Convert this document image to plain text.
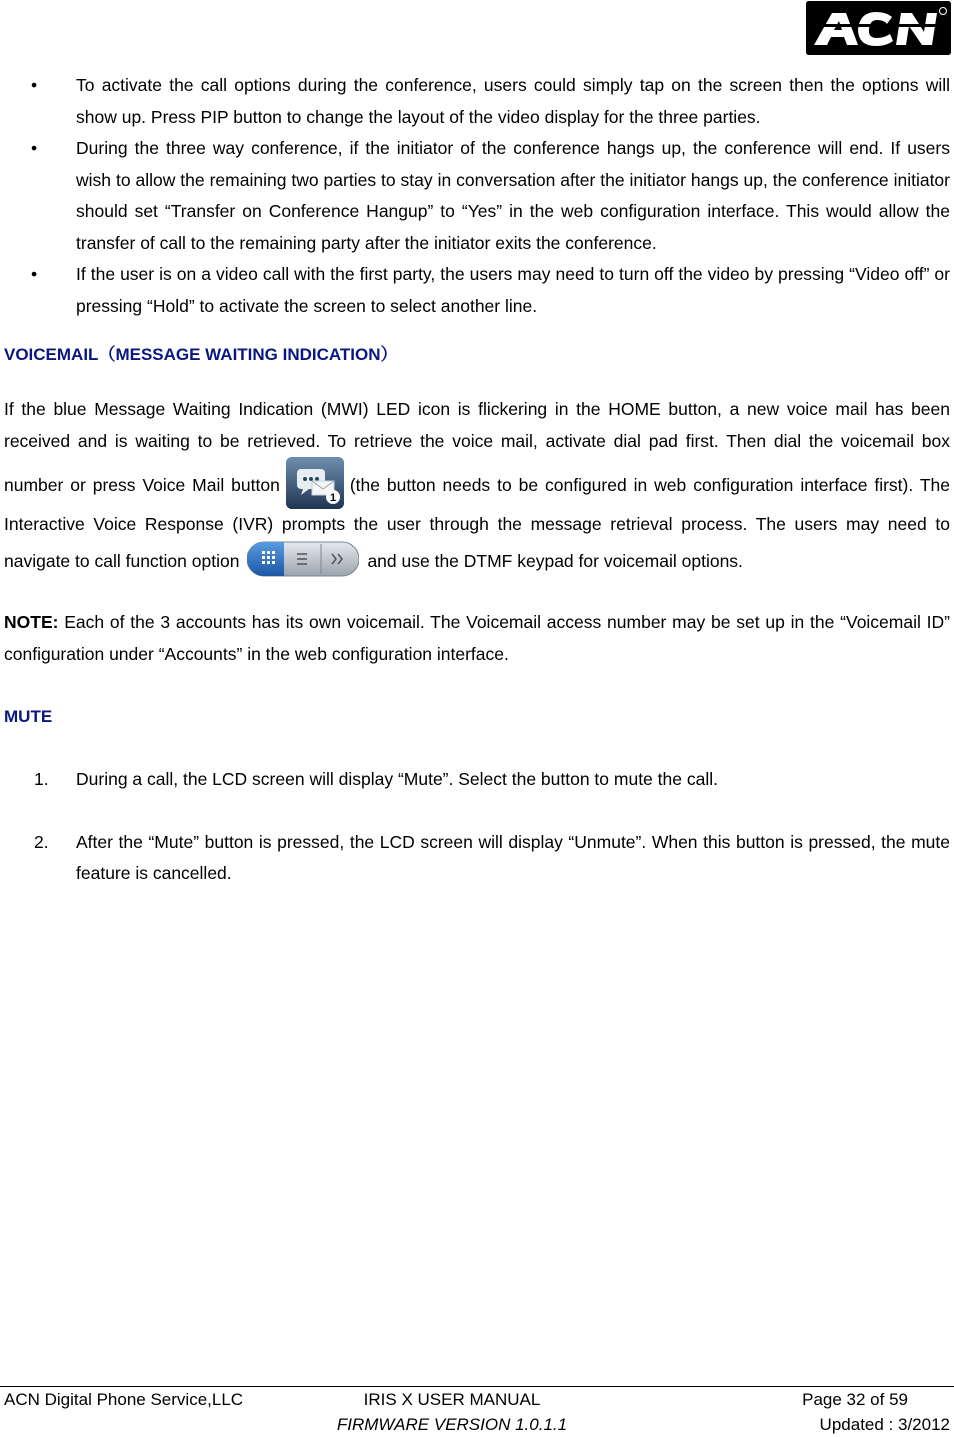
• To activate the call options during the conference, users could simply tap on the screen then the options will show up. Press PIP button to change the layout of the video display for the three parties.
• During the three way conference, if the initiator of the conference hangs up, the conference will end. If users wish to allow the remaining two parties to stay in conversation after the initiator hangs up, the conference initiator should set “Transfer on Conference Hangup” to “Yes” in the web configuration interface. This would allow the transfer of call to the remaining party after the initiator exits the conference.
• If the user is on a video call with the first party, the users may need to turn off the video by pressing “Video off” or pressing “Hold” to activate the screen to select another line.
VOICEMAIL（MESSAGE WAITING INDICATION）

If the blue Message Waiting Indication (MWI) LED icon is flickering in the HOME button, a new voice mail has been received and is waiting to be retrieved. To retrieve the voice mail, activate dial pad first. Then dial the voicemail box number or press Voice Mail button
1
(the button needs to be configured in web configuration interface first). The Interactive Voice Response (IVR) prompts the user through the message retrieval process. The users may need to navigate to call function option	and use the DTMF keypad for voicemail options.

NOTE: Each of the 3 accounts has its own voicemail. The Voicemail access number may be set up in the “Voicemail ID” configuration under “Accounts” in the web configuration interface.

MUTE
1. During a call, the LCD screen will display “Mute”. Select the button to mute the call.
2. After the “Mute” button is pressed, the LCD screen will display “Unmute”. When this button is pressed, the mute feature is cancelled.
ACN Digital Phone Service,LLC	IRIS X USER MANUAL	Page 32 of 59
FIRMWARE VERSION 1.0.1.1	Updated : 3/2012
